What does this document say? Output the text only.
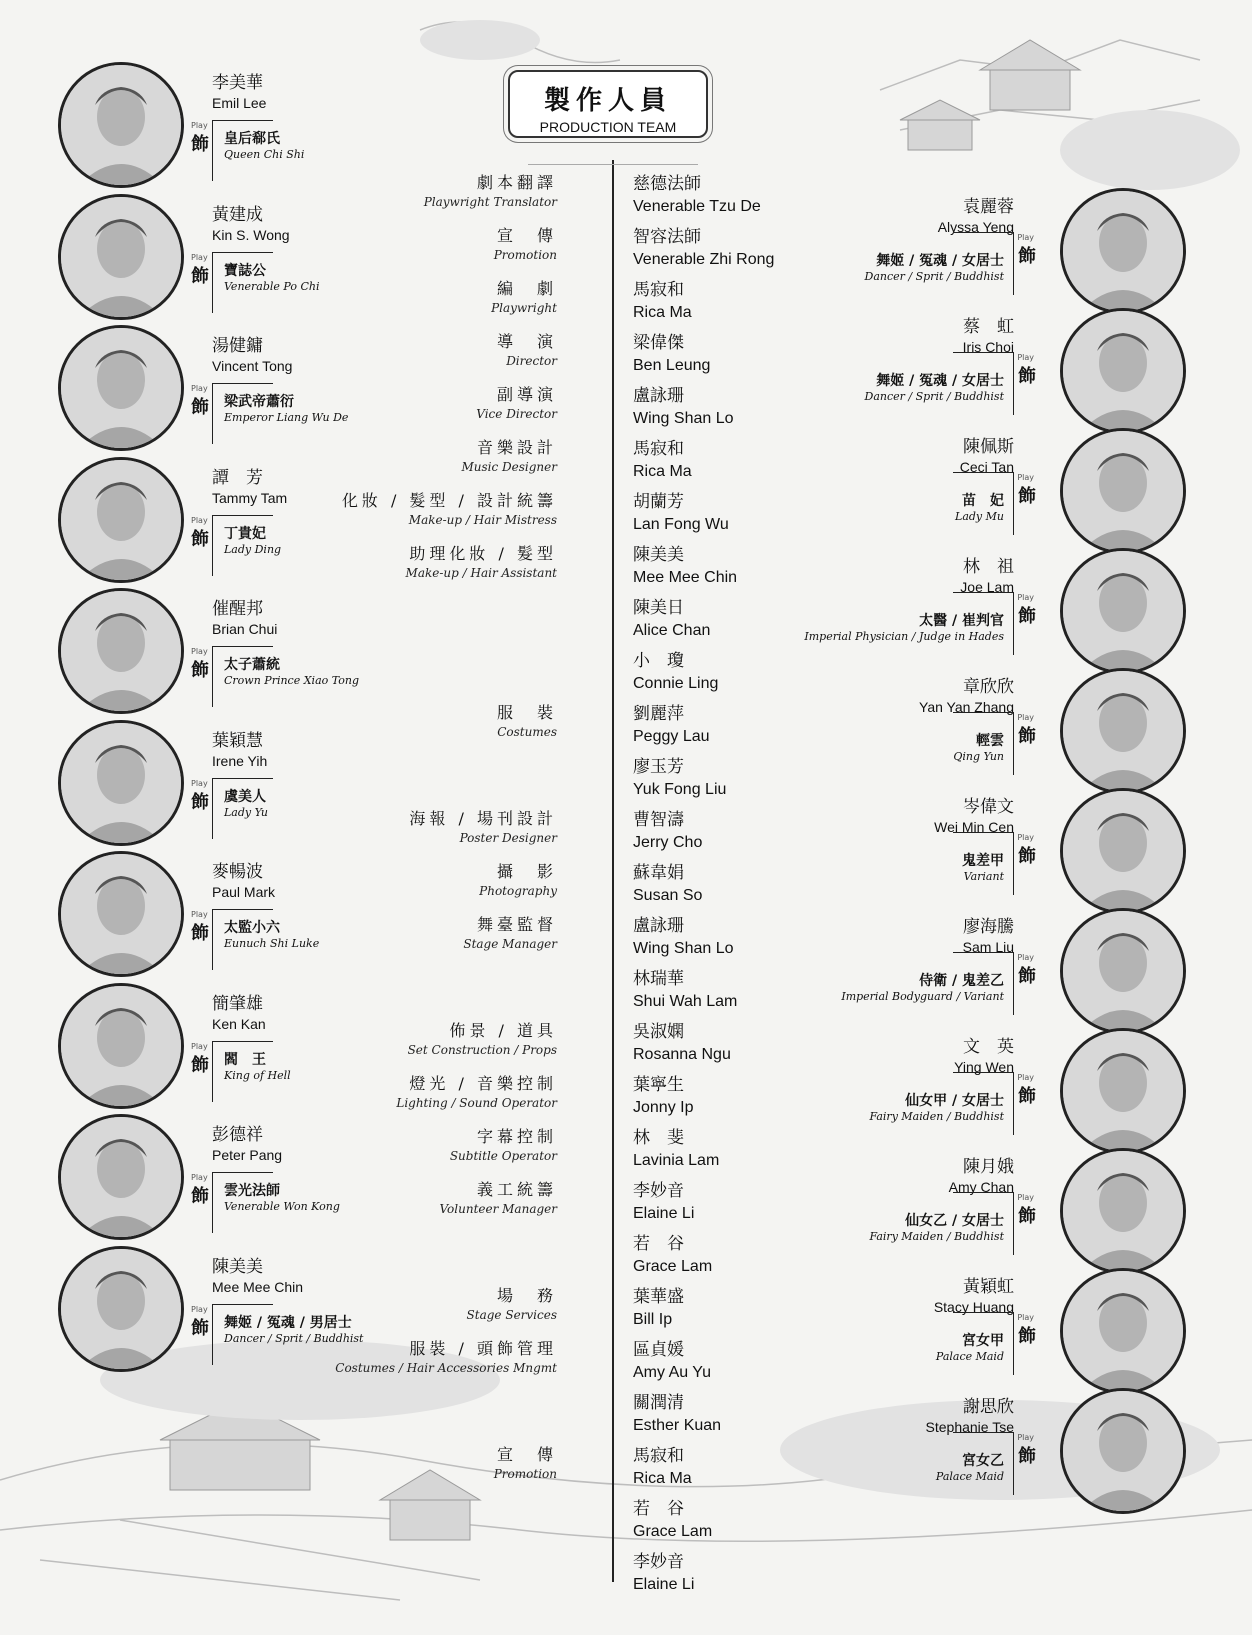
製作人員
PRODUCTION TEAM
劇本翻譯
Playwright Translator
慈德法師
Venerable Tzu De
宣　傳
Promotion
智容法師
Venerable Zhi Rong
編　劇
Playwright
馬寂和
Rica Ma
導　演
Director
梁偉傑
Ben Leung
副導演
Vice Director
盧詠珊
Wing Shan Lo
音樂設計
Music Designer
馬寂和
Rica Ma
化妝 / 髮型 / 設計統籌
Make-up / Hair Mistress
胡蘭芳
Lan Fong Wu
助理化妝 / 髮型
Make-up / Hair Assistant
陳美美
Mee Mee Chin
陳美日
Alice Chan
小　瓊
Connie Ling
服　裝
Costumes
劉麗萍
Peggy Lau
廖玉芳
Yuk Fong Liu
海報 / 場刊設計
Poster Designer
曹智濤
Jerry Cho
攝　影
Photography
蘇韋娟
Susan So
舞臺監督
Stage Manager
盧詠珊
Wing Shan Lo
林瑞華
Shui Wah Lam
佈景 / 道具
Set Construction / Props
吳淑嫻
Rosanna Ngu
燈光 / 音樂控制
Lighting / Sound Operator
葉寧生
Jonny Ip
字幕控制
Subtitle Operator
林　斐
Lavinia Lam
義工統籌
Volunteer Manager
李妙音
Elaine Li
若　谷
Grace Lam
場　務
Stage Services
葉華盛
Bill Ip
服裝 / 頭飾管理
Costumes / Hair Accessories Mngmt
區貞媛
Amy Au Yu
關潤清
Esther Kuan
宣　傳
Promotion
馬寂和
Rica Ma
若　谷
Grace Lam
李妙音
Elaine Li
李美華
Emil Lee
Play
飾 皇后郗氏
Queen Chi Shi
黃建成
Kin S. Wong
Play
飾 寶誌公
Venerable Po Chi
湯健鏞
Vincent Tong
Play
飾 梁武帝蕭衍
Emperor Liang Wu De
譚　芳
Tammy Tam
Play
飾 丁貴妃
Lady Ding
催醒邦
Brian Chui
Play
飾 太子蕭統
Crown Prince Xiao Tong
葉穎慧
Irene Yih
Play
飾 虞美人
Lady Yu
麥暢波
Paul Mark
Play
飾 太監小六
Eunuch Shi Luke
簡肇雄
Ken Kan
Play
飾 閻　王
King of Hell
彭德祥
Peter Pang
Play
飾 雲光法師
Venerable Won Kong
陳美美
Mee Mee Chin
Play
飾 舞姬 / 冤魂 / 男居士
Dancer / Sprit / Buddhist
袁麗蓉
Alyssa Yeng
Play
飾
舞姬 / 冤魂 / 女居士
Dancer / Sprit / Buddhist
蔡　虹
Iris Choi
Play
飾
舞姬 / 冤魂 / 女居士
Dancer / Sprit / Buddhist
陳佩斯
Ceci Tan
Play
飾
苗　妃
Lady Mu
林　祖
Joe Lam
Play
飾
太醫 / 崔判官
Imperial Physician / Judge in Hades
章欣欣
Yan Yan Zhang
Play
飾
輕雲
Qing Yun
岑偉文
Wei Min Cen
Play
飾
鬼差甲
Variant
廖海騰
Sam Liu
Play
飾
侍衛 / 鬼差乙
Imperial Bodyguard / Variant
文　英
Ying Wen
Play
飾
仙女甲 / 女居士
Fairy Maiden / Buddhist
陳月娥
Amy Chan
Play
飾
仙女乙 / 女居士
Fairy Maiden / Buddhist
黃穎虹
Stacy Huang
Play
飾
宮女甲
Palace Maid
謝思欣
Stephanie Tse
Play
飾
宮女乙
Palace Maid
